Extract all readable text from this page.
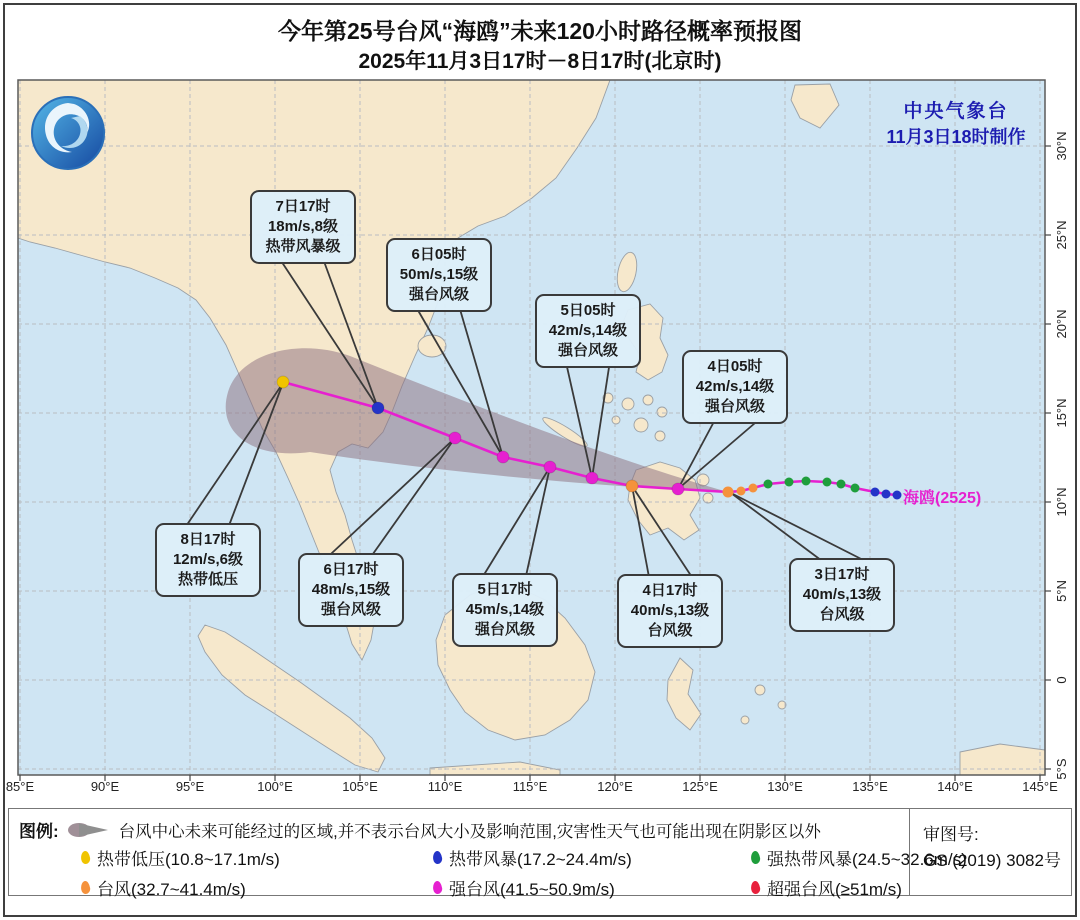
今年第25号台风“海鸥”未来120小时路径概率预报图
2025年11月3日17时－8日17时(北京时)
中央气象台
11月3日18时制作
海鸥(2525)
85°E	90°E	95°E	100°E	105°E	110°E	115°E	120°E	125°E	130°E	135°E	140°E	145°E
30°N
25°N
20°N
15°N
10°N
5°N
0
5°S
7日17时
18m/s,8级
热带风暴级	6日05时
50m/s,15级
强台风级
5日05时
42m/s,14级
强台风级
4日05时
42m/s,14级
强台风级
8日17时
12m/s,6级
热带低压
6日17时
48m/s,15级
强台风级
5日17时
45m/s,14级
强台风级
4日17时
40m/s,13级
台风级
3日17时
40m/s,13级
台风级
图例:	台风中心未来可能经过的区域,并不表示台风大小及影响范围,灾害性天气也可能出现在阴影区以外
热带低压(10.8~17.1m/s)	热带风暴(17.2~24.4m/s)	强热带风暴(24.5~32.6m/s)
台风(32.7~41.4m/s)	强台风(41.5~50.9m/s)	超强台风(≥51m/s)
审图号:
GS (2019) 3082号
